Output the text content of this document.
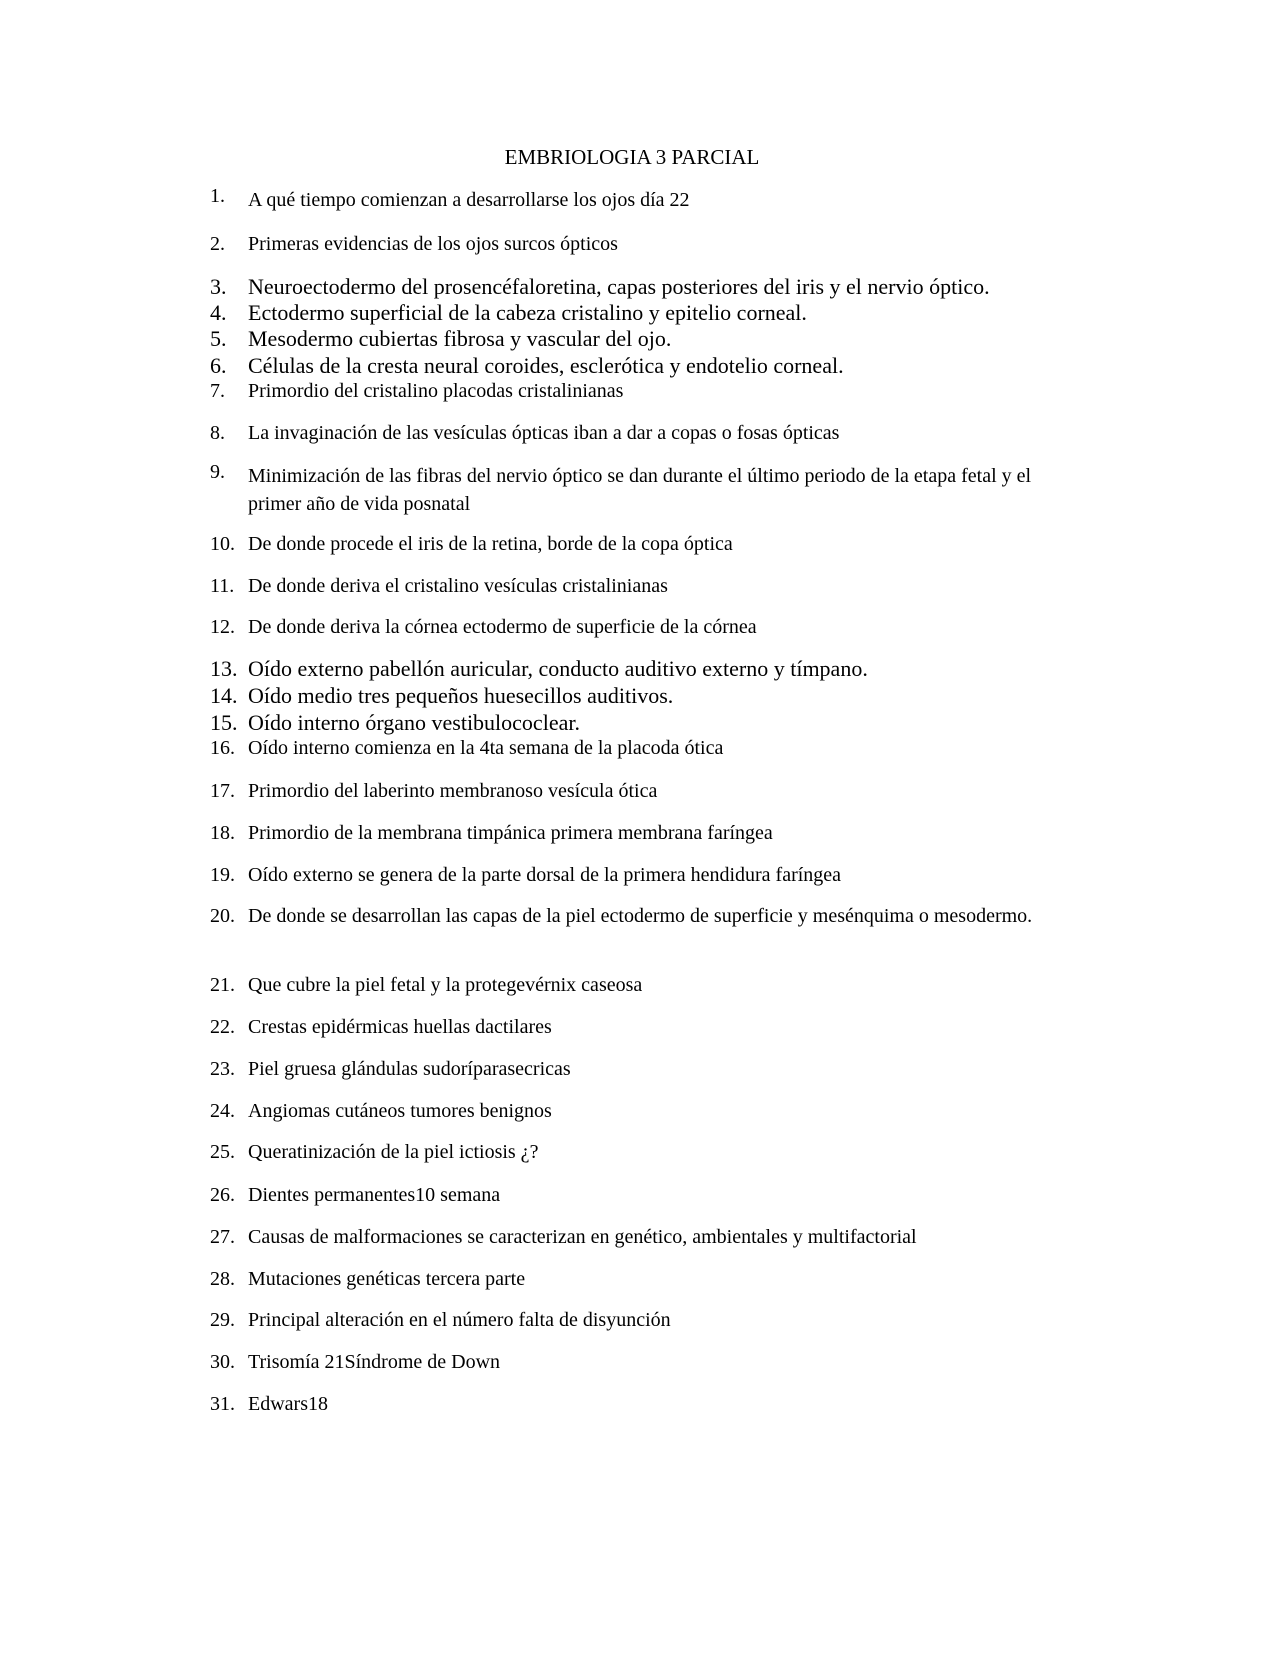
EMBRIOLOGIA 3 PARCIAL
1.	A qué tiempo comienzan a desarrollarse los ojos día 22
2.	Primeras evidencias de los ojos surcos ópticos
3. Neuroectodermo del prosencéfaloretina, capas posteriores del iris y el nervio óptico.
4. Ectodermo superficial de la cabeza cristalino y epitelio corneal.
5. Mesodermo cubiertas fibrosa y vascular del ojo.
6. Células de la cresta neural coroides, esclerótica y endotelio corneal.
7.	Primordio del cristalino placodas cristalinianas
8.	La invaginación de las vesículas ópticas iban a dar a copas o fosas ópticas
9.	Minimización de las fibras del nervio óptico se dan durante el último periodo de la etapa fetal y el primer año de vida posnatal
10. De donde procede el iris de la retina, borde de la copa óptica
11. De donde deriva el cristalino vesículas cristalinianas
12. De donde deriva la córnea ectodermo de superficie de la córnea
13. Oído externo pabellón auricular, conducto auditivo externo y tímpano.
14. Oído medio tres pequeños huesecillos auditivos.
15. Oído interno órgano vestibulococlear.
16. Oído interno comienza en la 4ta semana de la placoda ótica
17. Primordio del laberinto membranoso vesícula ótica
18. Primordio de la membrana timpánica primera membrana faríngea
19. Oído externo se genera de la parte dorsal de la primera hendidura faríngea
20. De donde se desarrollan las capas de la piel ectodermo de superficie y mesénquima o mesodermo.
21. Que cubre la piel fetal y la protegevérnix caseosa
22. Crestas epidérmicas huellas dactilares
23. Piel gruesa glándulas sudoríparasecricas
24. Angiomas cutáneos tumores benignos
25. Queratinización de la piel ictiosis ¿?
26. Dientes permanentes10 semana
27. Causas de malformaciones se caracterizan en genético, ambientales y multifactorial
28. Mutaciones genéticas tercera parte
29. Principal alteración en el número falta de disyunción
30. Trisomía 21Síndrome de Down
31. Edwars18
